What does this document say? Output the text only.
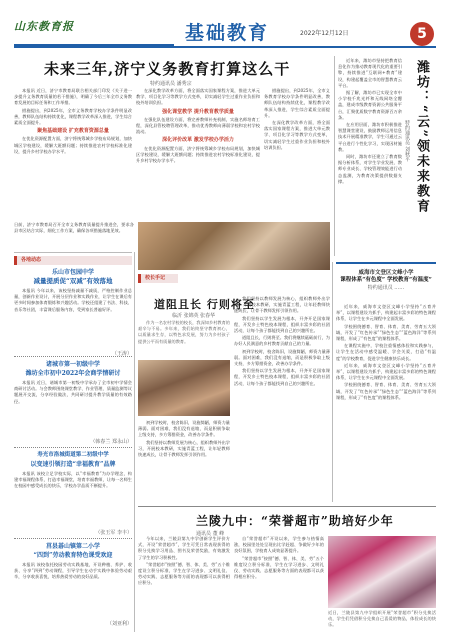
山东教育报	基础教育	2022年12月12日	5
未来三年,济宁义务教育打算这么干
特约通讯员 潘秀宗

本报讯 近日，济宁市教育局联合相关部门印发《关于进一步提升义务教育质量的若干措施》，明确了今后三年全市义务教育发展的目标任务和工作举措。

措施提出，到2025年，全市义务教育学校办学条件明显改善，教师队伍结构持续优化，课程教学改革深入推进，学生综合素质全面提升。

聚焦基础建设 扩充教育资源总量

在优化资源配置方面，济宁将统筹城乡学校布局规划，加快城区学校建设，缓解大班额问题；持续推进农村学校标准化建设，提升乡村学校办学水平。

在深化教学改革方面，将全面落实国家课程方案，推进大单元教学、项目化学习等教学方式变革，切实减轻学生过重作业负担和校外培训负担。

强化课堂教学 提升教育教学质量

在强化队伍建设方面，将完善教师补充机制，实施名师培育工程，深化县管校聘管理改革，推动优秀教师向薄弱学校和农村学校流动。

深化评价改革 激发学校办学活力

在优化资源配置方面，济宁将统筹城乡学校布局规划，加快城区学校建设，缓解大班额问题；持续推进农村学校标准化建设，提升乡村学校办学水平。

措施提出，到2025年，全市义务教育学校办学条件明显改善，教师队伍结构持续优化，课程教学改革深入推进，学生综合素质全面提升。

在深化教学改革方面，将全面落实国家课程方案，推进大单元教学、项目化学习等教学方式变革，切实减轻学生过重作业负担和校外培训负担。

日前，济宁市教育局召开全市义务教育质量提升推进会，要求各县市区结合实际，细化工作方案，确保各项措施落地见效。

近年来，潍坊市坚持把教育信息化作为推动教育现代化的重要引擎，持续推进“互联网+教育”建设，构建起覆盖全市的智慧教育云平台。

据了解，潍坊市已实现全市中小学校千兆光纤和无线网络全覆盖，建成市级教育资源公共服务平台，汇聚优质数字教育资源百万余条。

在应用层面，潍坊市积极推进智慧课堂建设，鼓励教师运用信息技术开展精准教学，学生可通过云平台进行个性化学习，实现因材施教。

同时，潍坊市还建立了教育数据分析体系，对学生学业发展、教师专业成长、学校管理效能进行动态监测，为教育决策提供数据支撑。	潍坊：“云”领未来教育
特约通讯员 刘秋平
各地动态
乐山市包园中学
减量提质促“双减”有效落地

本报讯 今年以来，该校坚持减量不减质，严格控制作业总量，创新作业设计，开展分层作业和实践作业，让学生在课后有更多时间参加体育锻炼和兴趣活动。学校还组建了书法、科技、音乐等社团，丰富课后服务内容，受到家长普遍好评。

（王涛）
诸城市第一初级中学
潍坊全市初中2022年会商学情研讨

本报讯 近日，诸城市第一初级中学承办了全市初中学情会商研讨活动。与会教师围绕课堂教学、作业管理、质量监测等议题展开交流，分享经验做法，共同研讨提升教学质量的有效路径。

（韩春兰 郑永山）
寿光市洛城街道第二初级中学
以变速引领打造“幸福教育”品牌

本报讯 该校立足学校实际，以“幸福教育”为办学理念，构建幸福课程体系，打造幸福课堂，培育幸福教师，让每一名师生在校园中感受成长的快乐，学校办学品质不断提升。

（张玉军 李丰）
莒县碁山镇第二小学
“四到”劳动教育特色课受欢迎

本报讯 该校依托校园劳动实践基地，开设种植、养护、收获、分享“四到”劳动课程，引导学生在动手实践中体验劳动艰辛，分享收获喜悦，培养热爱劳动的良好品质。

（刘亚利）
校长手记
道阻且长 行则将至
临沂 张锦英 张春华

作为一名农村学校的校长，我深知乡村教育的艰辛与不易。多年来，我们始终坚守教育初心，以质量求生存，以特色求发展，努力为乡村孩子提供公平而有质量的教育。

初到学校时，校舍陈旧，设施简陋，师资力量薄弱。面对困难，我们没有退缩，而是积极争取上级支持，多方筹措资金，改善办学条件。

我们坚持以教师发展为核心，组织教师外出学习，开展校本教研，实施青蓝工程，让年轻教师快速成长，让骨干教师发挥引领作用。

我们坚持以教师发展为核心，组织教师外出学习，开展校本教研，实施青蓝工程，让年轻教师快速成长，让骨干教师发挥引领作用。

我们坚持以学生发展为根本，开齐开足国家课程，开发乡土特色校本课程，组织丰富多彩的社团活动，让每个孩子都能找到自己的兴趣所在。

道阻且长，行则将至。我们将继续砥砺前行，为办好人民满意的乡村教育贡献自己的力量。

初到学校时，校舍陈旧，设施简陋，师资力量薄弱。面对困难，我们没有退缩，而是积极争取上级支持，多方筹措资金，改善办学条件。

我们坚持以学生发展为根本，开齐开足国家课程，开发乡土特色校本课程，组织丰富多彩的社团活动，让每个孩子都能找到自己的兴趣所在。

威海市文登区文峰小学
课程体系“有色度” 学校教育“有温度”
特约通讯员 ……

近年来，威海市文登区文峰小学坚持“五育并举”，以课程建设为抓手，构建起丰富多彩的特色课程体系，让学生在多元课程中全面发展。

学校围绕德育、智育、体育、美育、劳育五大领域，开发了“红色传承”“绿色生态”“蓝色海洋”等系列课程，形成了“有色度”的课程体系。

在课程实施中，学校注重情感体验和实践参与，让学生在活动中感受温暖、学会关爱，打造“有温度”的学校教育，促进学生健康快乐成长。

近年来，威海市文登区文峰小学坚持“五育并举”，以课程建设为抓手，构建起丰富多彩的特色课程体系，让学生在多元课程中全面发展。

学校围绕德育、智育、体育、美育、劳育五大领域，开发了“红色传承”“绿色生态”“蓝色海洋”等系列课程，形成了“有色度”的课程体系。

兰陵九中：“荣誉超市”助培好少年
通讯员 董 峰

今年以来，兰陵县第九中学创新学生评价方式，开设“荣誉超市”，学生可凭日常表现获得的积分兑换学习用品、图书及荣誉奖励，有效激发了学生的学习积极性。

“荣誉超市”按照“德、智、体、美、劳”五个维度设立积分标准，学生在学习进步、文明礼仪、劳动实践、志愿服务等方面的表现都可以获得相应积分。

自“荣誉超市”开设以来，学生参与热情高涨，校园里处处呈现出比学赶超、争做好少年的良好氛围，学校育人成效显著提升。

“荣誉超市”按照“德、智、体、美、劳”五个维度设立积分标准，学生在学习进步、文明礼仪、劳动实践、志愿服务等方面的表现都可以获得相应积分。

近日，兰陵县第九中学组织开展“荣誉超市”积分兑换活动，学生们凭借积分兑换自己喜爱的物品，体验成长的快乐。
